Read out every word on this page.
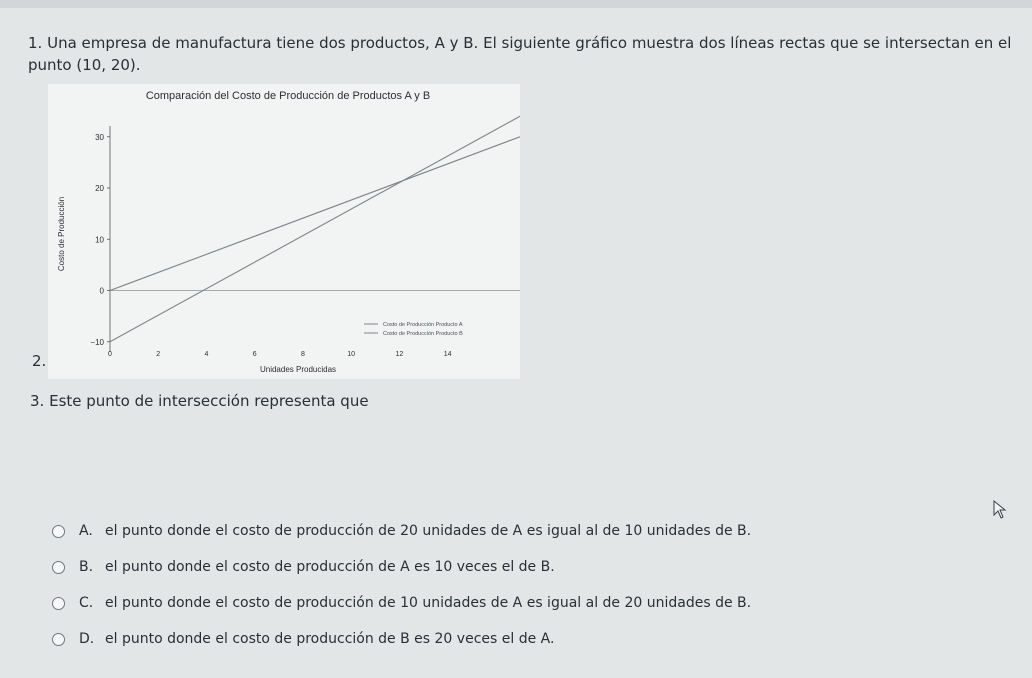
1. Una empresa de manufactura tiene dos productos, A y B. El siguiente gráfico muestra dos líneas rectas que se intersectan en el punto (10, 20).
Comparación del Costo de Producción de Productos A y B
−10
0
10
20
30
0	2	4	6	8	10	12	14
Costo de Producción Producto A
Costo de Producción Producto B
Unidades Producidas
Costo de Producción
2.
3. Este punto de intersección representa que
A. el punto donde el costo de producción de 20 unidades de A es igual al de 10 unidades de B.
B. el punto donde el costo de producción de A es 10 veces el de B.
C. el punto donde el costo de producción de 10 unidades de A es igual al de 20 unidades de B.
D. el punto donde el costo de producción de B es 20 veces el de A.
